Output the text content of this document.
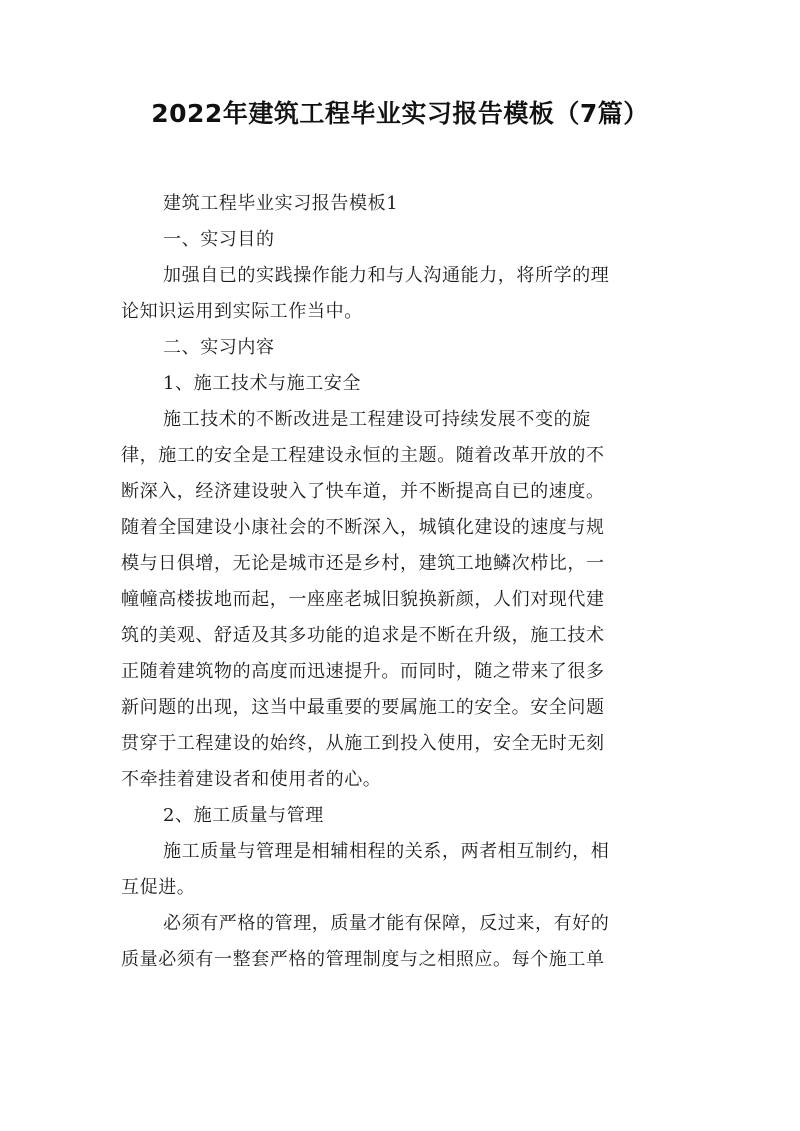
2022年建筑工程毕业实习报告模板（7篇）
建筑工程毕业实习报告模板1
一、实习目的
加强自已的实践操作能力和与人沟通能力，将所学的理
论知识运用到实际工作当中。
二、实习内容
1、施工技术与施工安全
施工技术的不断改进是工程建设可持续发展不变的旋
律，施工的安全是工程建设永恒的主题。随着改革开放的不
断深入，经济建设驶入了快车道，并不断提高自已的速度。
随着全国建设小康社会的不断深入，城镇化建设的速度与规
模与日俱增，无论是城市还是乡村，建筑工地鳞次栉比，一
幢幢高楼拔地而起，一座座老城旧貌换新颜，人们对现代建
筑的美观、舒适及其多功能的追求是不断在升级，施工技术
正随着建筑物的高度而迅速提升。而同时，随之带来了很多
新问题的出现，这当中最重要的要属施工的安全。安全问题
贯穿于工程建设的始终，从施工到投入使用，安全无时无刻
不牵挂着建设者和使用者的心。
2、施工质量与管理
施工质量与管理是相辅相程的关系，两者相互制约，相
互促进。
必须有严格的管理，质量才能有保障，反过来，有好的
质量必须有一整套严格的管理制度与之相照应。每个施工单
